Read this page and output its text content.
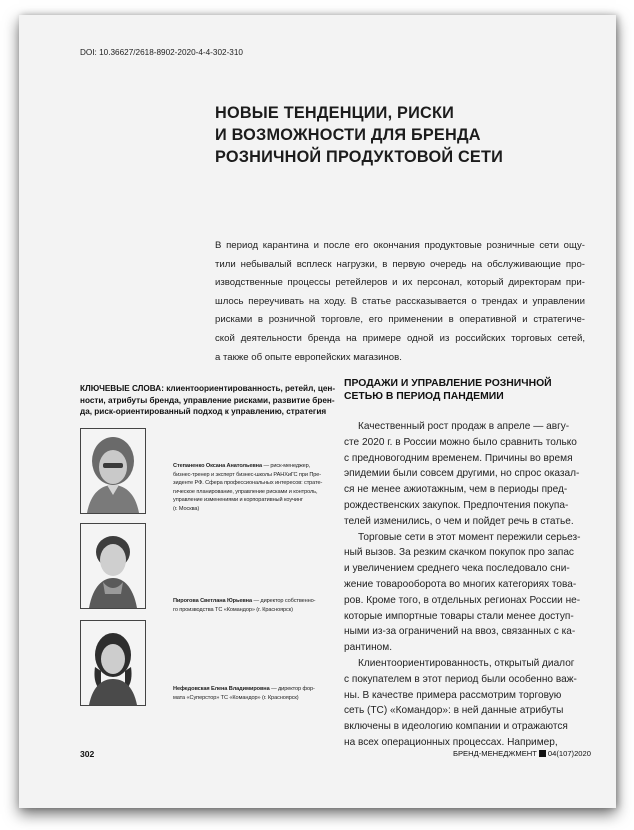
DOI: 10.36627/2618-8902-2020-4-4-302-310
НОВЫЕ ТЕНДЕНЦИИ, РИСКИ
И ВОЗМОЖНОСТИ ДЛЯ БРЕНДА
РОЗНИЧНОЙ ПРОДУКТОВОЙ СЕТИ
В период карантина и после его окончания продуктовые розничные сети ощу-
тили небывалый всплеск нагрузки, в первую очередь на обслуживающие про-
изводственные процессы ретейлеров и их персонал, который директорам при-
шлось переучивать на ходу. В статье рассказывается о трендах и управлении
рисками в розничной торговле, его применении в оперативной и стратегиче-
ской деятельности бренда на примере одной из российских торговых сетей,
а также об опыте европейских магазинов.
КЛЮЧЕВЫЕ СЛОВА: клиентоориентированность, ретейл, цен-
ности, атрибуты бренда, управление рисками, развитие брен-
да, риск-ориентированный подход к управлению, стратегия
Степаненко Оксана Анатольевна — риск-менеджер,
бизнес-тренер и эксперт бизнес-школы РАНХиГС при Пре-
зиденте РФ. Сфера профессиональных интересов: страте-
гическое планирование, управление рисками и контроль,
управление изменениями и корпоративный коучинг
(г. Москва)
Пирогова Светлана Юрьевна — директор собственно-
го производства ТС «Командор» (г. Красноярск)
Нефедовская Елена Владимировна — директор фор-
мата «Суперстор» ТС «Командор» (г. Красноярск)
ПРОДАЖИ И УПРАВЛЕНИЕ РОЗНИЧНОЙ
СЕТЬЮ В ПЕРИОД ПАНДЕМИИ
Качественный рост продаж в апреле — авгу-
сте 2020 г. в России можно было сравнить только
с предновогодним временем. Причины во время
эпидемии были совсем другими, но спрос оказал-
ся не менее ажиотажным, чем в периоды пред-
рождественских закупок. Предпочтения покупа-
телей изменились, о чем и пойдет речь в статье.
Торговые сети в этот момент пережили серьез-
ный вызов. За резким скачком покупок про запас
и увеличением среднего чека последовало сни-
жение товарооборота во многих категориях това-
ров. Кроме того, в отдельных регионах России не-
которые импортные товары стали менее доступ-
ными из-за ограничений на ввоз, связанных с ка-
рантином.
Клиентоориентированность, открытый диалог
с покупателем в этот период были особенно важ-
ны. В качестве примера рассмотрим торговую
сеть (ТС) «Командор»: в ней данные атрибуты
включены в идеологию компании и отражаются
на всех операционных процессах. Например,
302	БРЕНД-МЕНЕДЖМЕНТ 04(107)2020
